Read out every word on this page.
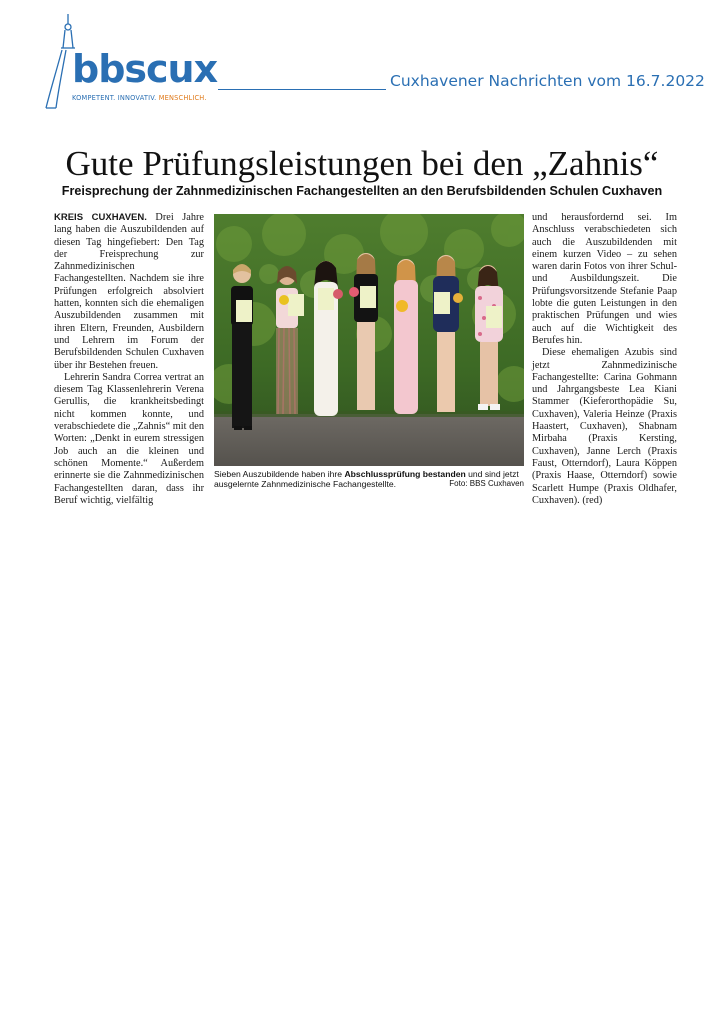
bbscux
KOMPETENT. INNOVATIV. MENSCHLICH.
Cuxhavener Nachrichten vom 16.7.2022
Gute Prüfungsleistungen bei den „Zahnis“
Freisprechung der Zahnmedizinischen Fachangestellten an den Berufsbildenden Schulen Cuxhaven

KREIS CUXHAVEN. Drei Jahre lang haben die Auszubildenden auf diesen Tag hingefiebert: Den Tag der Freisprechung zur Zahnmedizinischen Fachangestellten. Nachdem sie ihre Prüfungen erfolgreich absolviert hatten, konnten sich die ehemaligen Auszubildenden zusammen mit ihren Eltern, Freunden, Ausbildern und Lehrern im Forum der Berufsbildenden Schulen Cuxhaven über ihr Bestehen freuen.

Lehrerin Sandra Correa vertrat an diesem Tag Klassenlehrerin Verena Gerullis, die krankheitsbedingt nicht kommen konnte, und verabschiedete die „Zahnis“ mit den Worten: „Denkt in eurem stressigen Job auch an die kleinen und schönen Momente.“ Außerdem erinnerte sie die Zahnmedizinischen Fachangestellten daran, dass ihr Beruf wichtig, vielfältig

Sieben Auszubildende haben ihre Abschlussprüfung bestanden und sind jetzt ausgelernte Zahnmedizinische Fachangestellte.	Foto: BBS Cuxhaven

und herausfordernd sei. Im Anschluss verabschiedeten sich auch die Auszubildenden mit einem kurzen Video – zu sehen waren darin Fotos von ihrer Schul- und Ausbildungszeit. Die Prüfungsvorsitzende Stefanie Paap lobte die guten Leistungen in den praktischen Prüfungen und wies auch auf die Wichtigkeit des Berufes hin.

Diese ehemaligen Azubis sind jetzt Zahnmedizinische Fachangestellte: Carina Gohmann und Jahrgangsbeste Lea Kiani Stammer (Kieferorthopädie Su, Cuxhaven), Valeria Heinze (Praxis Haastert, Cuxhaven), Shabnam Mirbaha (Praxis Kersting, Cuxhaven), Janne Lerch (Praxis Faust, Otterndorf), Laura Köppen (Praxis Haase, Otterndorf) sowie Scarlett Humpe (Praxis Oldhafer, Cuxhaven). (red)
